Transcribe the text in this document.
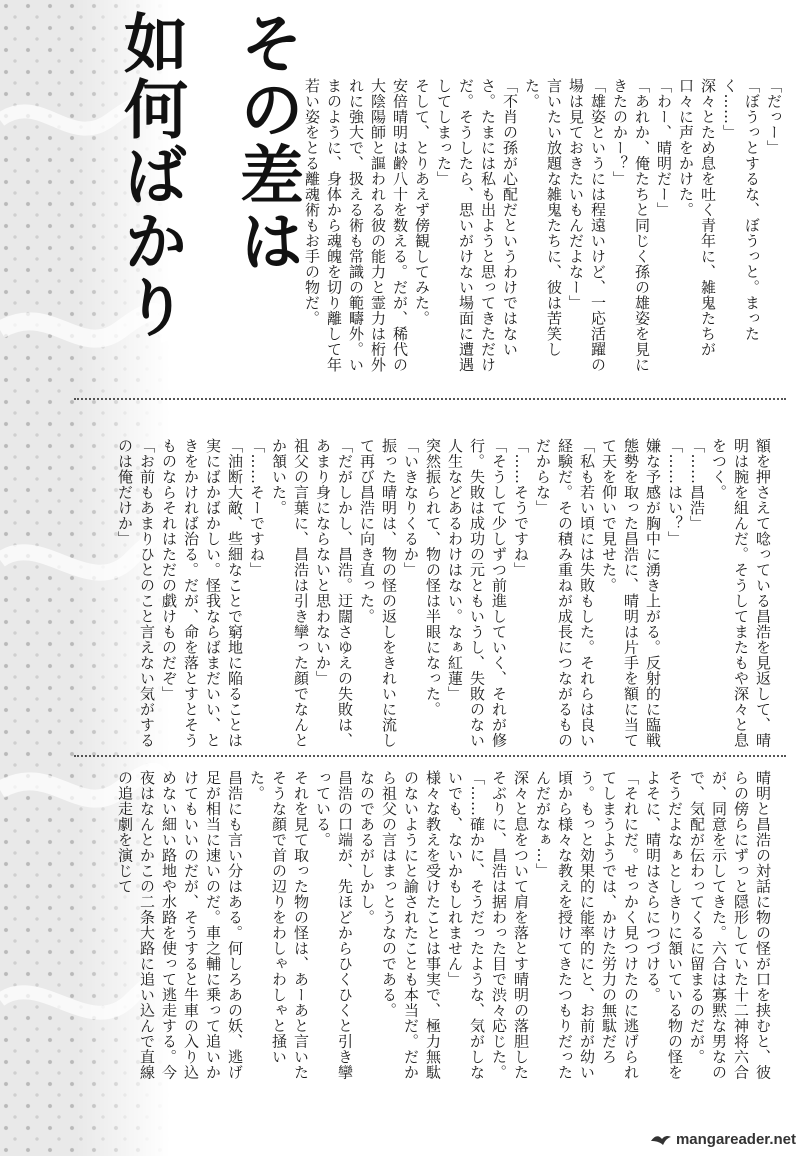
その差は
如何ばかり	「だっー」

「ぼうっとするな、ぼうっと。まったく……」

深々とため息を吐く青年に、雑鬼たちが口々に声をかけた。

「わー、晴明だー」

「あれか、俺たちと同じく孫の雄姿を見にきたのかー？」

「雄姿というには程遠いけど、一応活躍の場は見ておきたいもんだよなー」

言いたい放題な雑鬼たちに、彼は苦笑した。

「不肖の孫が心配だというわけではないさ。たまには私も出ようと思ってきただけだ。そうしたら、思いがけない場面に遭遇してしまった」

そして、とりあえず傍観してみた。

安倍晴明は齢八十を数える。だが、稀代の大陰陽師と謳われる彼の能力と霊力は桁外れに強大で、扱える術も常識の範疇外。いまのように、身体から魂魄を切り離して年若い姿をとる離魂術もお手の物だ。

額を押さえて唸っている昌浩を見返して、晴明は腕を組んだ。そうしてまたもや深々と息をつく。

「……昌浩」

「……はい？」

嫌な予感が胸中に湧き上がる。反射的に臨戦態勢を取った昌浩に、晴明は片手を額に当てて天を仰いで見せた。

「私も若い頃には失敗もした。それらは良い経験だ。その積み重ねが成長につながるものだからな」

「……そうですね」

「そうして少しずつ前進していく、それが修行。失敗は成功の元ともいうし、失敗のない人生などあるわけはない。なぁ紅蓮」

突然振られて、物の怪は半眼になった。

「いきなりくるか」

振った晴明は、物の怪の返しをきれいに流して再び昌浩に向き直った。

「だがしかし、昌浩。迂闊さゆえの失敗は、あまり身にならないと思わないか」

祖父の言葉に、昌浩は引き攣った顔でなんとか頷いた。

「……そーですね」

「油断大敵、些細なことで窮地に陥ることは実にばかばかしい。怪我ならばまだいい、ときをかければ治る。だが、命を落とすとそうものならそれはただの戯けものだぞ」

「お前もあまりひとのこと言えない気がするのは俺だけか」

晴明と昌浩の対話に物の怪が口を挟むと、彼らの傍らにずっと隠形していた十二神将六合が、同意を示してきた。六合は寡黙な男なので、気配が伝わってくるに留まるのだが。

そうだよなぁとしきりに頷いている物の怪をよそに、晴明はさらにつづける。

「それにだ。せっかく見つけたのに逃げられてしまうようでは、かけた労力の無駄だろう。もっと効果的に能率的にと、お前が幼い頃から様々な教えを授けてきたつもりだったんだがなぁ…」

深々と息をついて肩を落とす晴明の落胆したそぶりに、昌浩は据わった目で渋々応じた。

「……確かに、そうだったような、気がしないでも、ないかもしれません」

様々な教えを受けたことは事実で、極力無駄のないようにと諭されたことも本当だ。だから祖父の言はまっとうなのである。

なのであるがしかし。

昌浩の口端が、先ほどからひくひくと引き攣っている。

それを見て取った物の怪は、あーあと言いたそうな顔で首の辺りをわしゃわしゃと掻いた。

昌浩にも言い分はある。何しろあの妖、逃げ足が相当に速いのだ。車之輔に乗って追いかけてもいいのだが、そうすると牛車の入り込めない細い路地や水路を使って逃走する。今夜はなんとかこの二条大路に追い込んで直線の追走劇を演じて

mangareader.net
